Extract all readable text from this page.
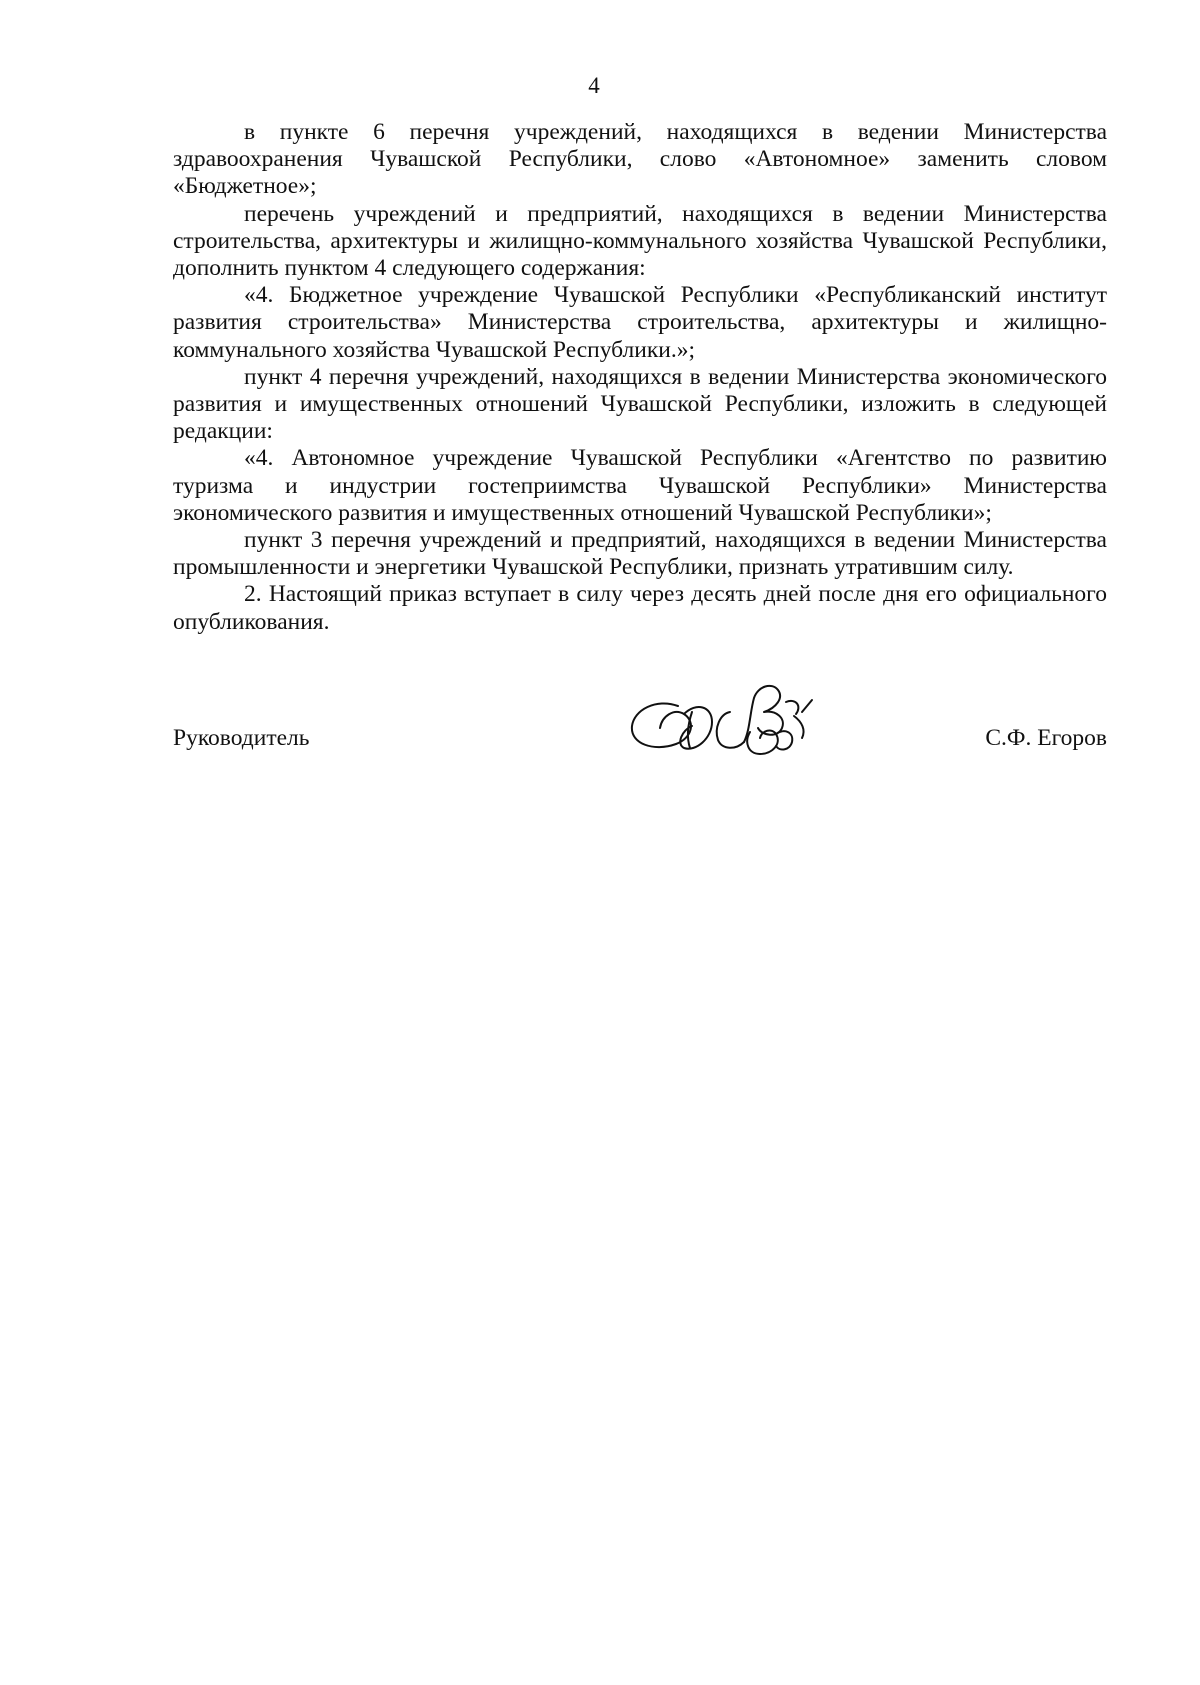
4

в пункте 6 перечня учреждений, находящихся в ведении Министерства здравоохранения Чувашской Республики, слово «Автономное» заменить словом «Бюджетное»;

перечень учреждений и предприятий, находящихся в ведении Министерства строительства, архитектуры и жилищно-коммунального хозяйства Чувашской Республики, дополнить пунктом 4 следующего содержания:

«4. Бюджетное учреждение Чувашской Республики «Республиканский институт развития строительства» Министерства строительства, архитектуры и жилищно-коммунального хозяйства Чувашской Республики.»;

пункт 4 перечня учреждений, находящихся в ведении Министерства экономического развития и имущественных отношений Чувашской Республики, изложить в следующей редакции:

«4. Автономное учреждение Чувашской Республики «Агентство по развитию туризма и индустрии гостеприимства Чувашской Республики» Министерства экономического развития и имущественных отношений Чувашской Республики»;

пункт 3 перечня учреждений и предприятий, находящихся в ведении Министерства промышленности и энергетики Чувашской Республики, признать утратившим силу.

2. Настоящий приказ вступает в силу через десять дней после дня его официального опубликования.

Руководитель	С.Ф. Егоров
